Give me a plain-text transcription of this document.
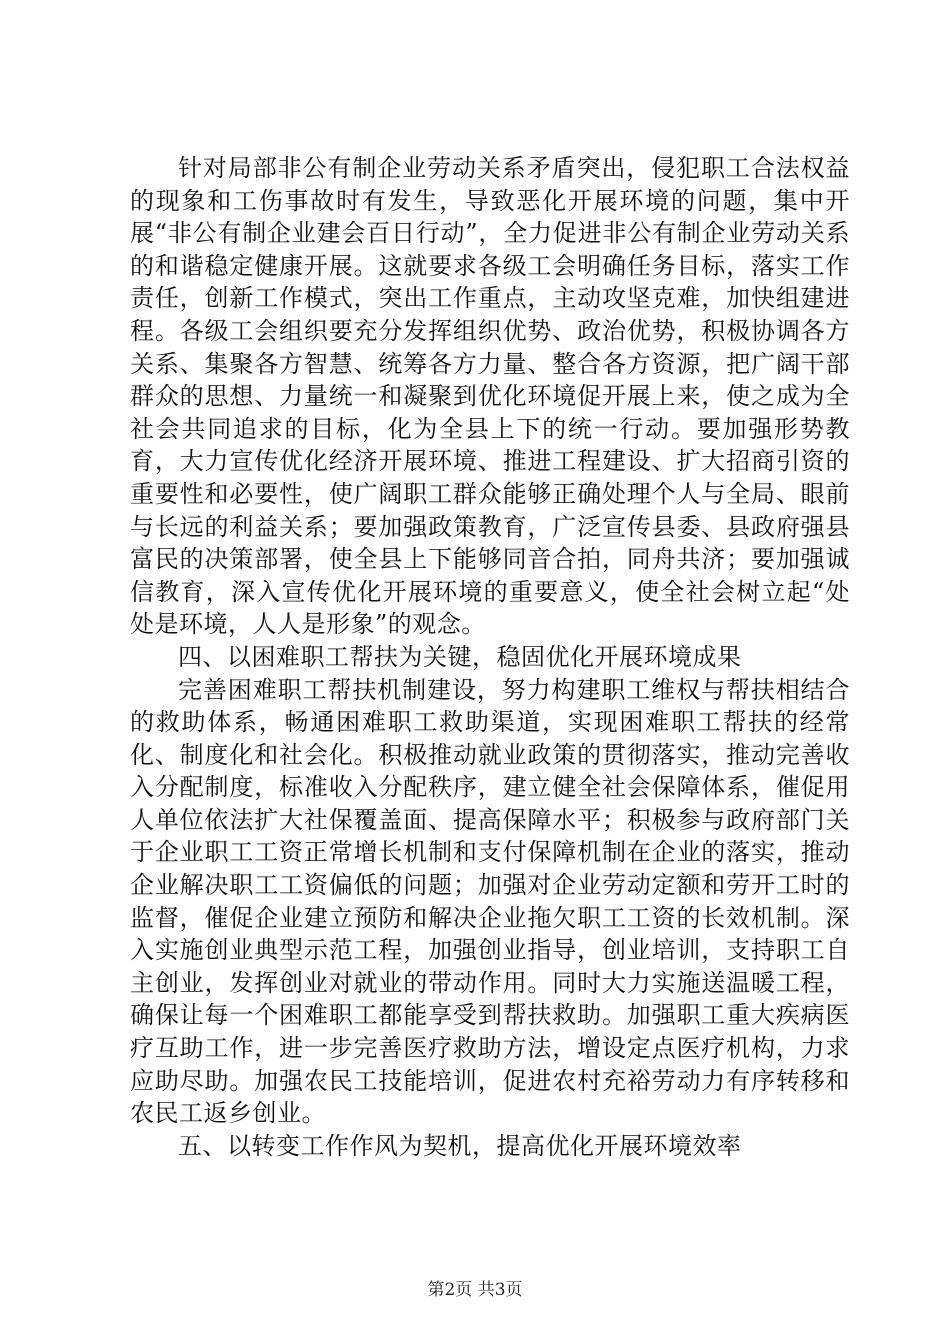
针对局部非公有制企业劳动关系矛盾突出，侵犯职工合法权益的现象和工伤事故时有发生，导致恶化开展环境的问题，集中开展“非公有制企业建会百日行动”，全力促进非公有制企业劳动关系的和谐稳定健康开展。这就要求各级工会明确任务目标，落实工作责任，创新工作模式，突出工作重点，主动攻坚克难，加快组建进程。各级工会组织要充分发挥组织优势、政治优势，积极协调各方关系、集聚各方智慧、统筹各方力量、整合各方资源，把广阔干部群众的思想、力量统一和凝聚到优化环境促开展上来，使之成为全社会共同追求的目标，化为全县上下的统一行动。要加强形势教育，大力宣传优化经济开展环境、推进工程建设、扩大招商引资的重要性和必要性，使广阔职工群众能够正确处理个人与全局、眼前与长远的利益关系；要加强政策教育，广泛宣传县委、县政府强县富民的决策部署，使全县上下能够同音合拍，同舟共济；要加强诚信教育，深入宣传优化开展环境的重要意义，使全社会树立起“处处是环境，人人是形象”的观念。

四、以困难职工帮扶为关键，稳固优化开展环境成果

完善困难职工帮扶机制建设，努力构建职工维权与帮扶相结合的救助体系，畅通困难职工救助渠道，实现困难职工帮扶的经常化、制度化和社会化。积极推动就业政策的贯彻落实，推动完善收入分配制度，标准收入分配秩序，建立健全社会保障体系，催促用人单位依法扩大社保覆盖面、提高保障水平；积极参与政府部门关于企业职工工资正常增长机制和支付保障机制在企业的落实，推动企业解决职工工资偏低的问题；加强对企业劳动定额和劳开工时的监督，催促企业建立预防和解决企业拖欠职工工资的长效机制。深入实施创业典型示范工程，加强创业指导，创业培训，支持职工自主创业，发挥创业对就业的带动作用。同时大力实施送温暖工程，确保让每一个困难职工都能享受到帮扶救助。加强职工重大疾病医疗互助工作，进一步完善医疗救助方法，增设定点医疗机构，力求应助尽助。加强农民工技能培训，促进农村充裕劳动力有序转移和农民工返乡创业。

五、以转变工作作风为契机，提高优化开展环境效率

第2页 共3页
